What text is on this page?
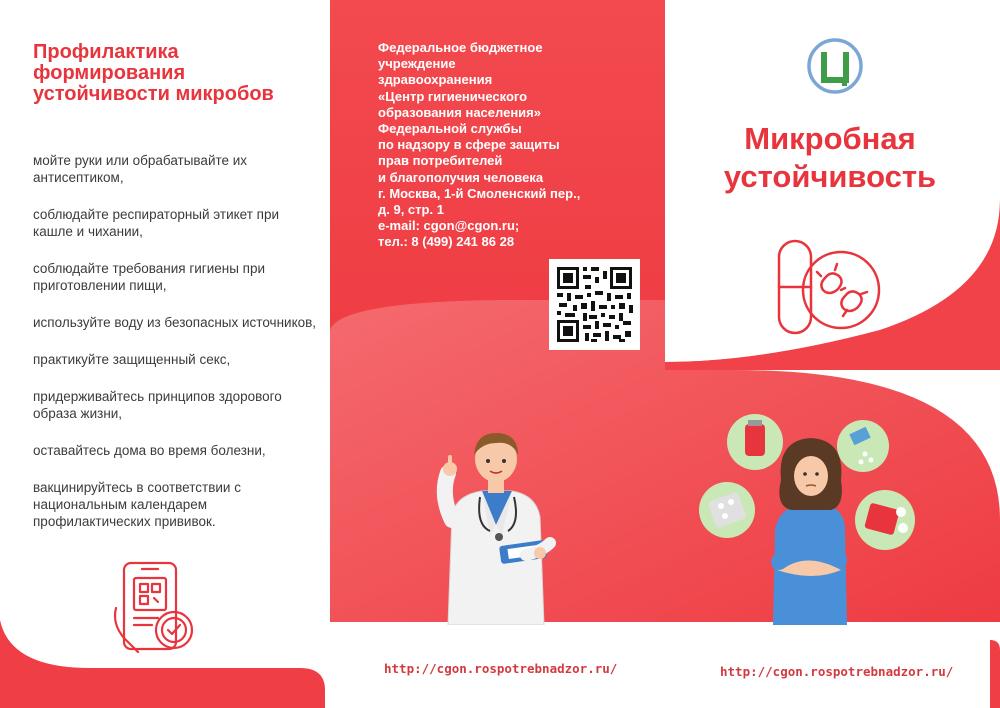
Профилактика формирования устойчивости микробов
мойте руки или обрабатывайте их антисептиком,
соблюдайте респираторный этикет при кашле и чихании,
соблюдайте требования гигиены при приготовлении пищи,
используйте воду из безопасных источников,
практикуйте защищенный секс,
придерживайтесь принципов здорового образа жизни,
оставайтесь дома во время болезни,
вакцинируйтесь в соответствии с национальным календарем профилактических прививок.

Федеральное бюджетное
учреждение
здравоохранения
«Центр гигиенического
образования населения»
Федеральной службы
по надзору в сфере защиты
прав потребителей
и благополучия человека
г. Москва, 1-й Смоленский пер.,
д. 9, стр. 1
e-mail: cgon@cgon.ru;
тел.: 8 (499) 241 86 28

http://cgon.rospotrebnadzor.ru/
Микробная
устойчивость
http://cgon.rospotrebnadzor.ru/
